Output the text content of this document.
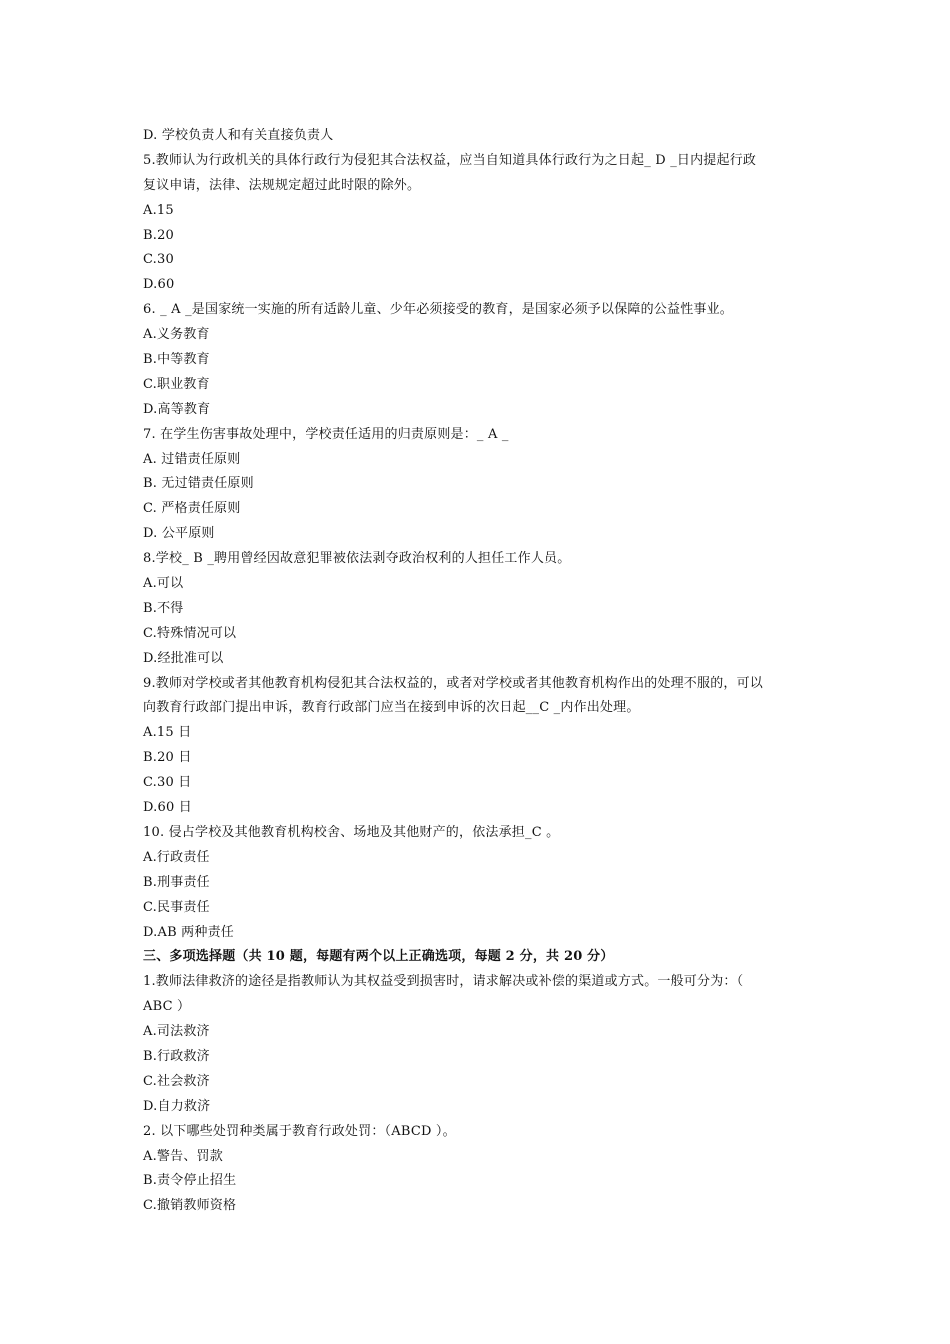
D. 学校负责人和有关直接负责人
5.教师认为行政机关的具体行政行为侵犯其合法权益，应当自知道具体行政行为之日起_ D _日内提起行政
复议申请，法律、法规规定超过此时限的除外。
A.15
B.20
C.30
D.60
6. _ A _是国家统一实施的所有适龄儿童、少年必须接受的教育，是国家必须予以保障的公益性事业。
A.义务教育
B.中等教育
C.职业教育
D.高等教育
7. 在学生伤害事故处理中，学校责任适用的归责原则是：_ A _
A. 过错责任原则
B. 无过错责任原则
C. 严格责任原则
D. 公平原则
8.学校_ B _聘用曾经因故意犯罪被依法剥夺政治权利的人担任工作人员。
A.可以
B.不得
C.特殊情况可以
D.经批准可以
9.教师对学校或者其他教育机构侵犯其合法权益的，或者对学校或者其他教育机构作出的处理不服的，可以
向教育行政部门提出申诉，教育行政部门应当在接到申诉的次日起__C _内作出处理。
A.15 日
B.20 日
C.30 日
D.60 日
10. 侵占学校及其他教育机构校舍、场地及其他财产的，依法承担_C 。
A.行政责任
B.刑事责任
C.民事责任
D.AB 两种责任
三、多项选择题（共 10 题，每题有两个以上正确选项，每题 2 分，共 20 分）
1.教师法律救济的途径是指教师认为其权益受到损害时，请求解决或补偿的渠道或方式。一般可分为：（
ABC ）
A.司法救济
B.行政救济
C.社会救济
D.自力救济
2. 以下哪些处罚种类属于教育行政处罚：（ABCD ）。
A.警告、罚款
B.责令停止招生
C.撤销教师资格
